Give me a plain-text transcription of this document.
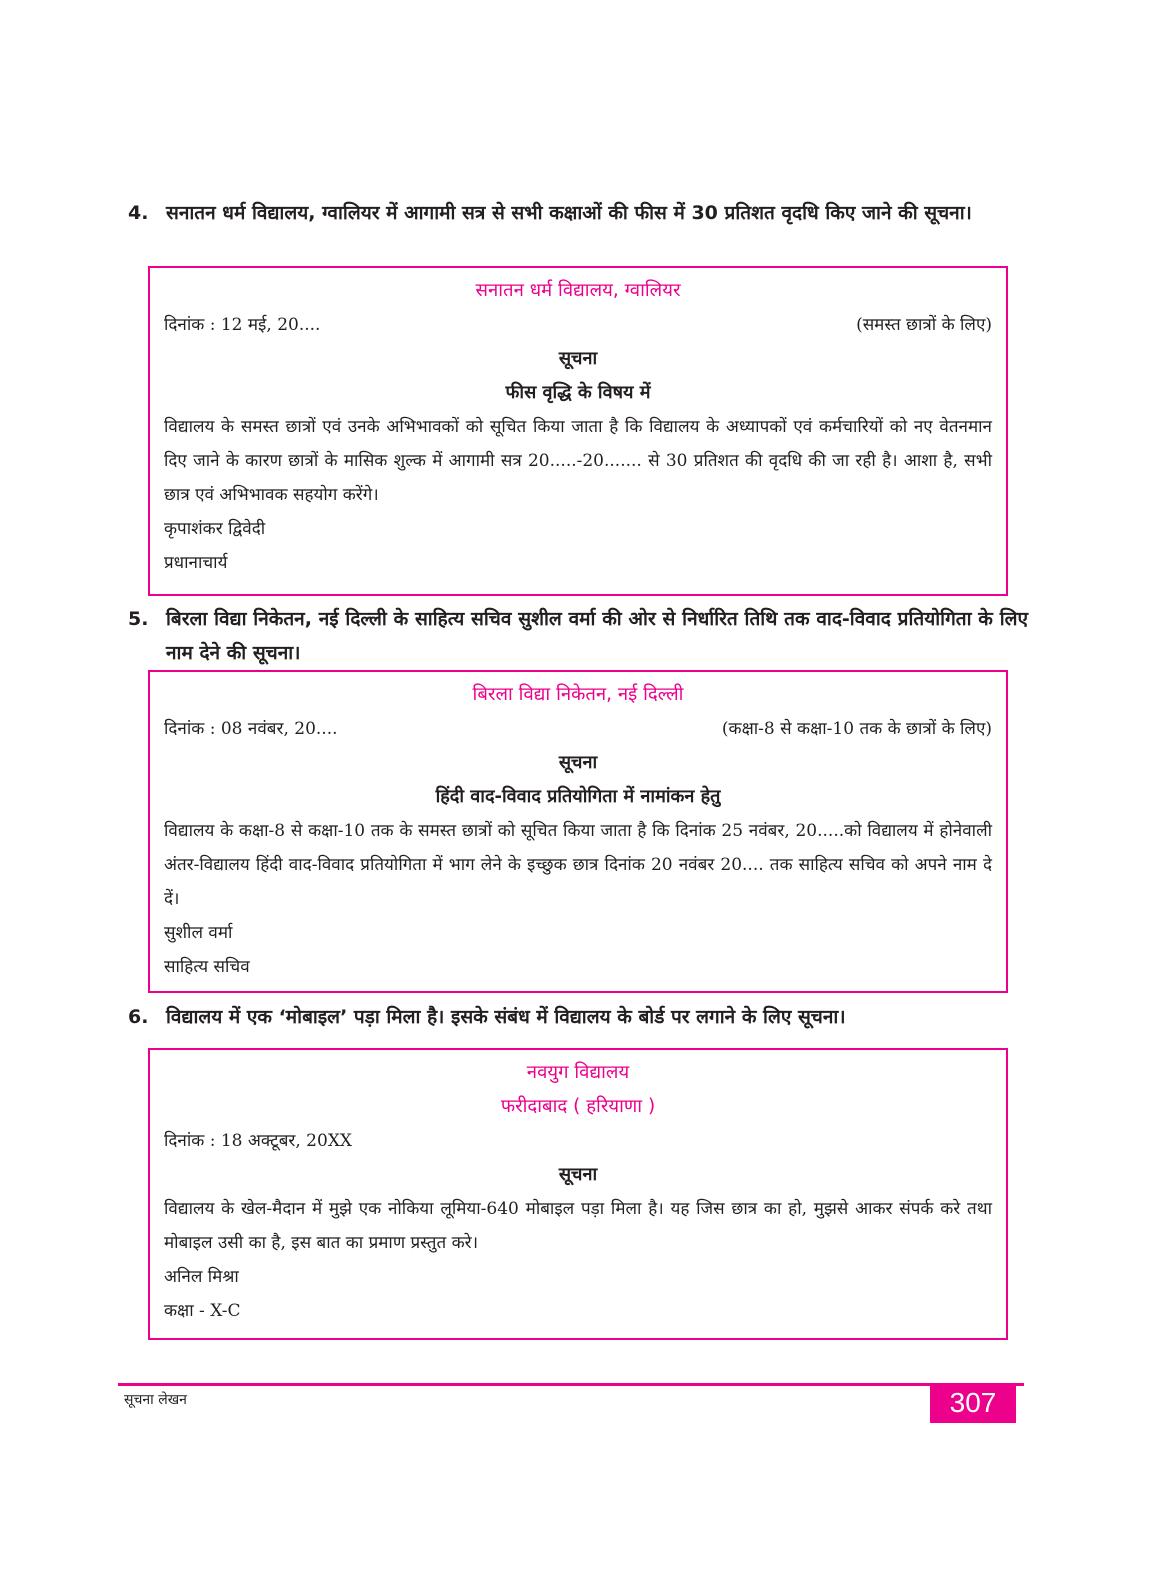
4. सनातन धर्म विद्यालय, ग्वालियर में आगामी सत्र से सभी कक्षाओं की फीस में 30 प्रतिशत वृदधि किए जाने की सूचना।
सनातन धर्म विद्यालय, ग्वालियर
दिनांक : 12 मई, 20....	(समस्त छात्रों के लिए)
सूचना
फीस वृद्धि के विषय में
विद्यालय के समस्त छात्रों एवं उनके अभिभावकों को सूचित किया जाता है कि विद्यालय के अध्यापकों एवं कर्मचारियों को नए वेतनमान दिए जाने के कारण छात्रों के मासिक शुल्क में आगामी सत्र 20.....-20....... से 30 प्रतिशत की वृदधि की जा रही है। आशा है, सभी छात्र एवं अभिभावक सहयोग करेंगे।
कृपाशंकर द्विवेदी
प्रधानाचार्य
5. बिरला विद्या निकेतन, नई दिल्ली के साहित्य सचिव सुशील वर्मा की ओर से निर्धारित तिथि तक वाद-विवाद प्रतियोगिता के लिए नाम देने की सूचना।
बिरला विद्या निकेतन, नई दिल्ली
दिनांक : 08 नवंबर, 20....	(कक्षा-8 से कक्षा-10 तक के छात्रों के लिए)
सूचना
हिंदी वाद-विवाद प्रतियोगिता में नामांकन हेतु
विद्यालय के कक्षा-8 से कक्षा-10 तक के समस्त छात्रों को सूचित किया जाता है कि दिनांक 25 नवंबर, 20.....को विद्यालय में होनेवाली अंतर-विद्यालय हिंदी वाद-विवाद प्रतियोगिता में भाग लेने के इच्छुक छात्र दिनांक 20 नवंबर 20.... तक साहित्य सचिव को अपने नाम दे दें।
सुशील वर्मा
साहित्य सचिव
6. विद्यालय में एक ‘मोबाइल’ पड़ा मिला है। इसके संबंध में विद्यालय के बोर्ड पर लगाने के लिए सूचना।
नवयुग विद्यालय
फरीदाबाद ( हरियाणा )
दिनांक : 18 अक्टूबर, 20XX
सूचना
विद्यालय के खेल-मैदान में मुझे एक नोकिया लूमिया-640 मोबाइल पड़ा मिला है। यह जिस छात्र का हो, मुझसे आकर संपर्क करे तथा मोबाइल उसी का है, इस बात का प्रमाण प्रस्तुत करे।
अनिल मिश्रा
कक्षा - X-C
सूचना लेखन	307
